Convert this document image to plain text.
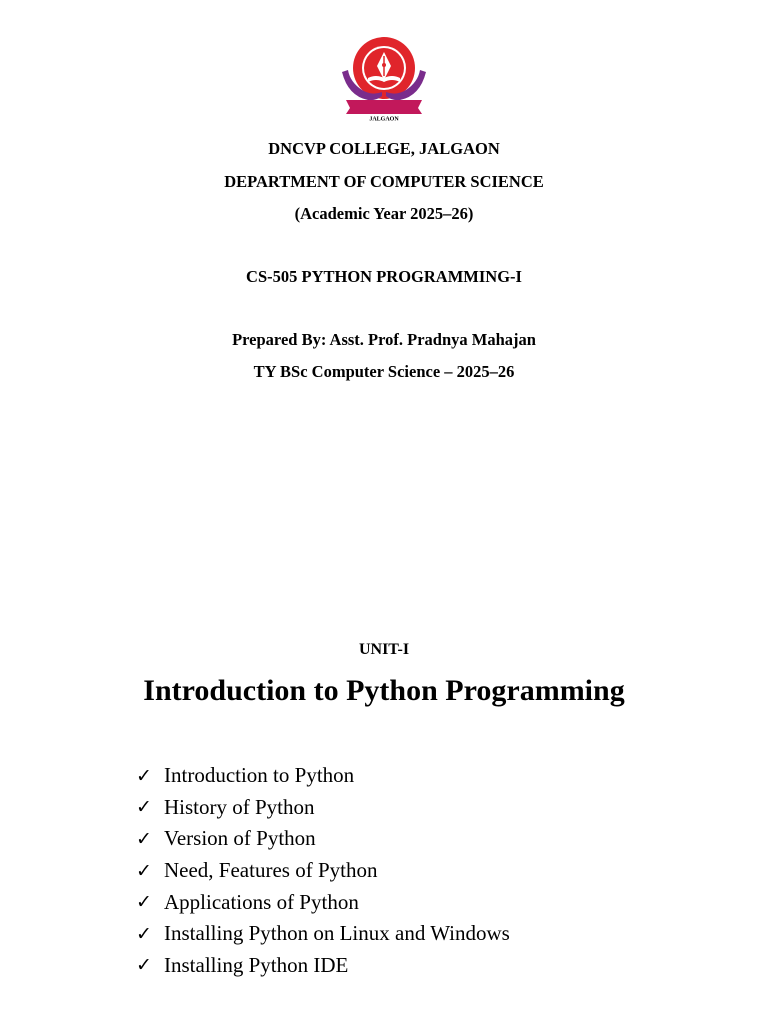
JALGAON
DNCVP COLLEGE, JALGAON
DEPARTMENT OF COMPUTER SCIENCE
(Academic Year 2025–26)
CS-505 PYTHON PROGRAMMING-I
Prepared By: Asst. Prof. Pradnya Mahajan
TY BSc Computer Science – 2025–26
UNIT-I
Introduction to Python Programming
✓ Introduction to Python
✓ History of Python
✓ Version of Python
✓ Need, Features of Python
✓ Applications of Python
✓ Installing Python on Linux and Windows
✓ Installing Python IDE
